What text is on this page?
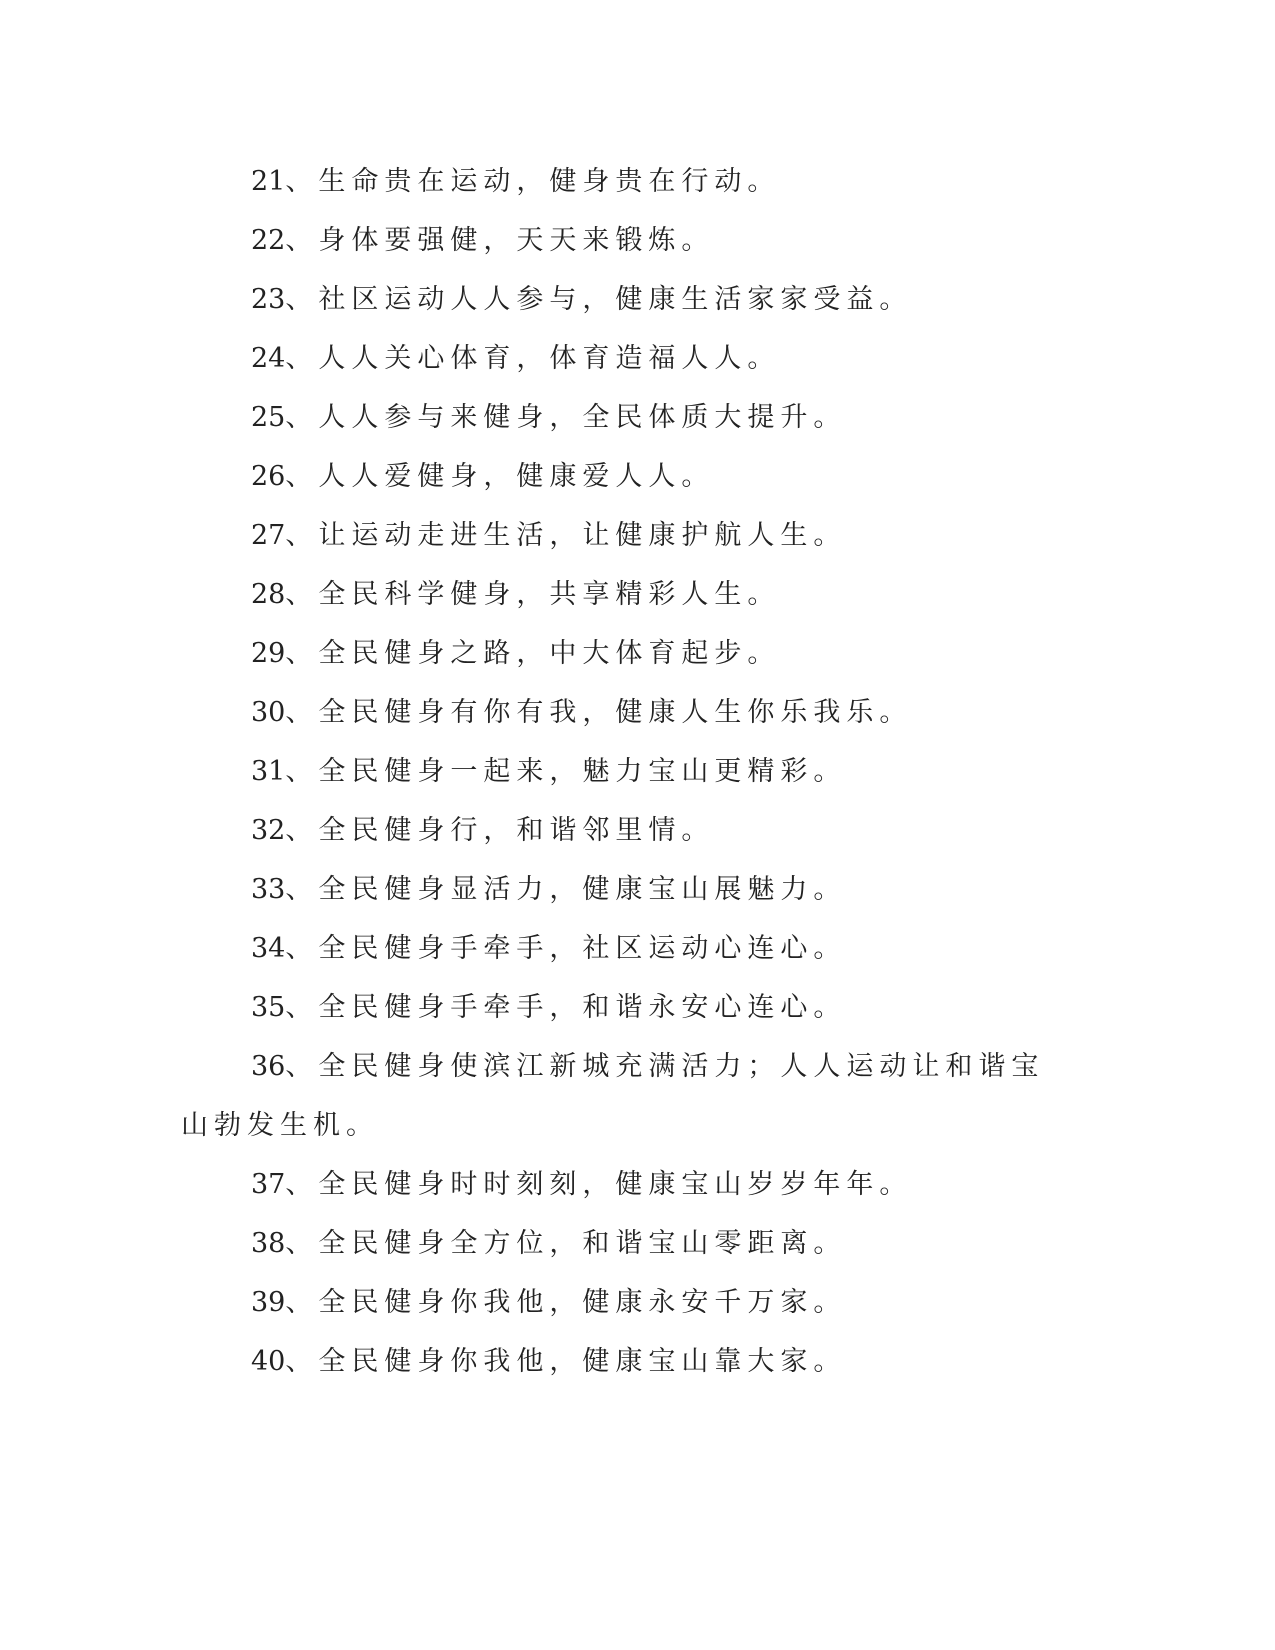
21、生命贵在运动，健身贵在行动。
22、身体要强健，天天来锻炼。
23、社区运动人人参与，健康生活家家受益。
24、人人关心体育，体育造福人人。
25、人人参与来健身，全民体质大提升。
26、人人爱健身，健康爱人人。
27、让运动走进生活，让健康护航人生。
28、全民科学健身，共享精彩人生。
29、全民健身之路，中大体育起步。
30、全民健身有你有我，健康人生你乐我乐。
31、全民健身一起来，魅力宝山更精彩。
32、全民健身行，和谐邻里情。
33、全民健身显活力，健康宝山展魅力。
34、全民健身手牵手，社区运动心连心。
35、全民健身手牵手，和谐永安心连心。
36、全民健身使滨江新城充满活力；人人运动让和谐宝山勃发生机。
37、全民健身时时刻刻，健康宝山岁岁年年。
38、全民健身全方位，和谐宝山零距离。
39、全民健身你我他，健康永安千万家。
40、全民健身你我他，健康宝山靠大家。
